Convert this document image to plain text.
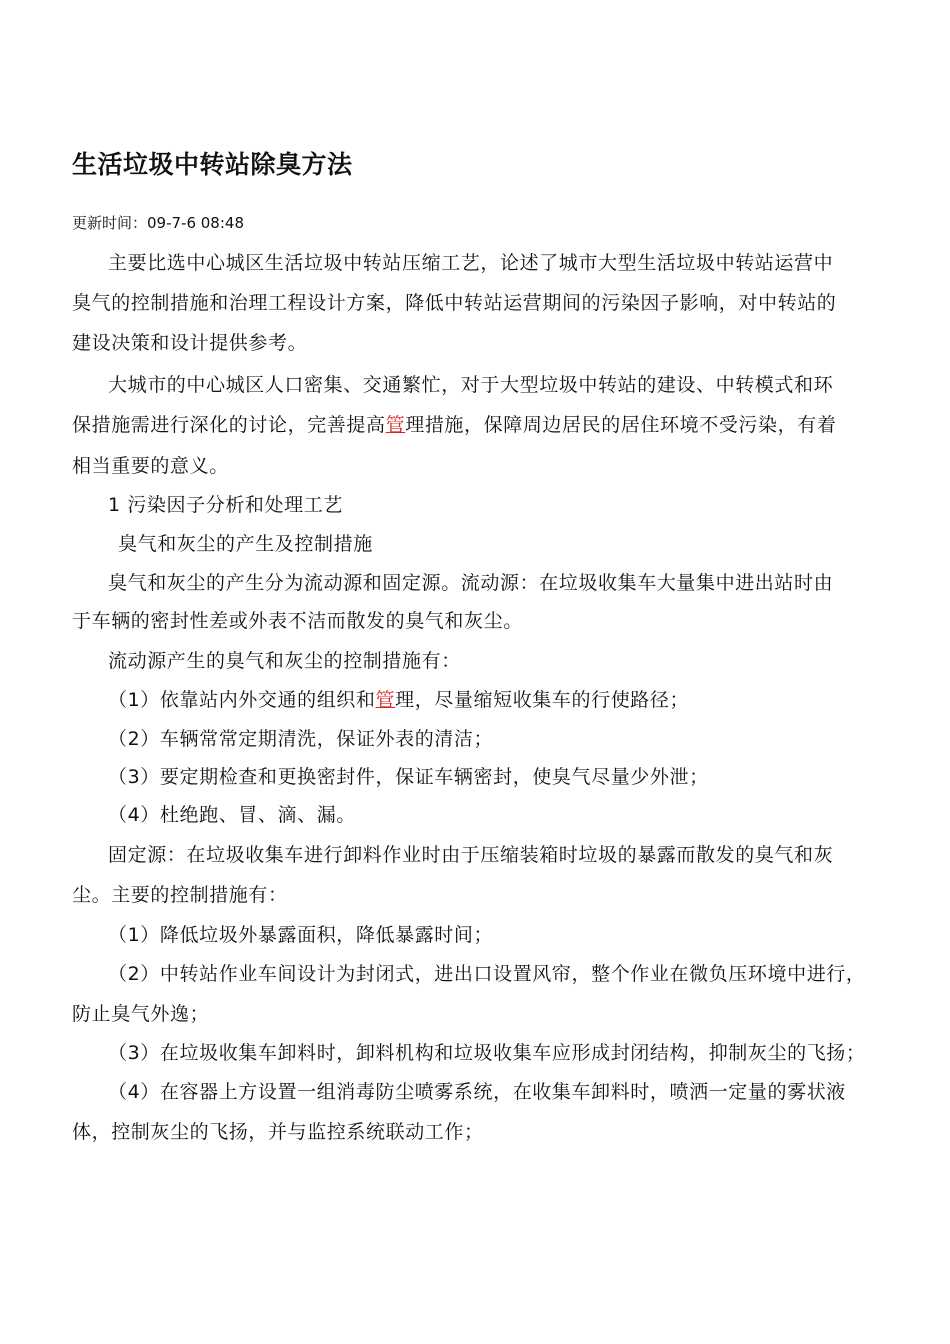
生活垃圾中转站除臭方法
更新时间：09-7-6 08:48
主要比选中心城区生活垃圾中转站压缩工艺，论述了城市大型生活垃圾中转站运营中
臭气的控制措施和治理工程设计方案，降低中转站运营期间的污染因子影响，对中转站的
建设决策和设计提供参考。
大城市的中心城区人口密集、交通繁忙，对于大型垃圾中转站的建设、中转模式和环
保措施需进行深化的讨论，完善提高管理措施，保障周边居民的居住环境不受污染，有着
相当重要的意义。
1 污染因子分析和处理工艺
臭气和灰尘的产生及控制措施
臭气和灰尘的产生分为流动源和固定源。流动源：在垃圾收集车大量集中进出站时由
于车辆的密封性差或外表不洁而散发的臭气和灰尘。
流动源产生的臭气和灰尘的控制措施有：
（1）依靠站内外交通的组织和管理，尽量缩短收集车的行使路径；
（2）车辆常常定期清洗，保证外表的清洁；
（3）要定期检查和更换密封件，保证车辆密封，使臭气尽量少外泄；
（4）杜绝跑、冒、滴、漏。
固定源：在垃圾收集车进行卸料作业时由于压缩装箱时垃圾的暴露而散发的臭气和灰
尘。主要的控制措施有：
（1）降低垃圾外暴露面积，降低暴露时间；
（2）中转站作业车间设计为封闭式，进出口设置风帘，整个作业在微负压环境中进行，
防止臭气外逸；
（3）在垃圾收集车卸料时，卸料机构和垃圾收集车应形成封闭结构，抑制灰尘的飞扬；
（4）在容器上方设置一组消毒防尘喷雾系统，在收集车卸料时，喷洒一定量的雾状液
体，控制灰尘的飞扬，并与监控系统联动工作；
